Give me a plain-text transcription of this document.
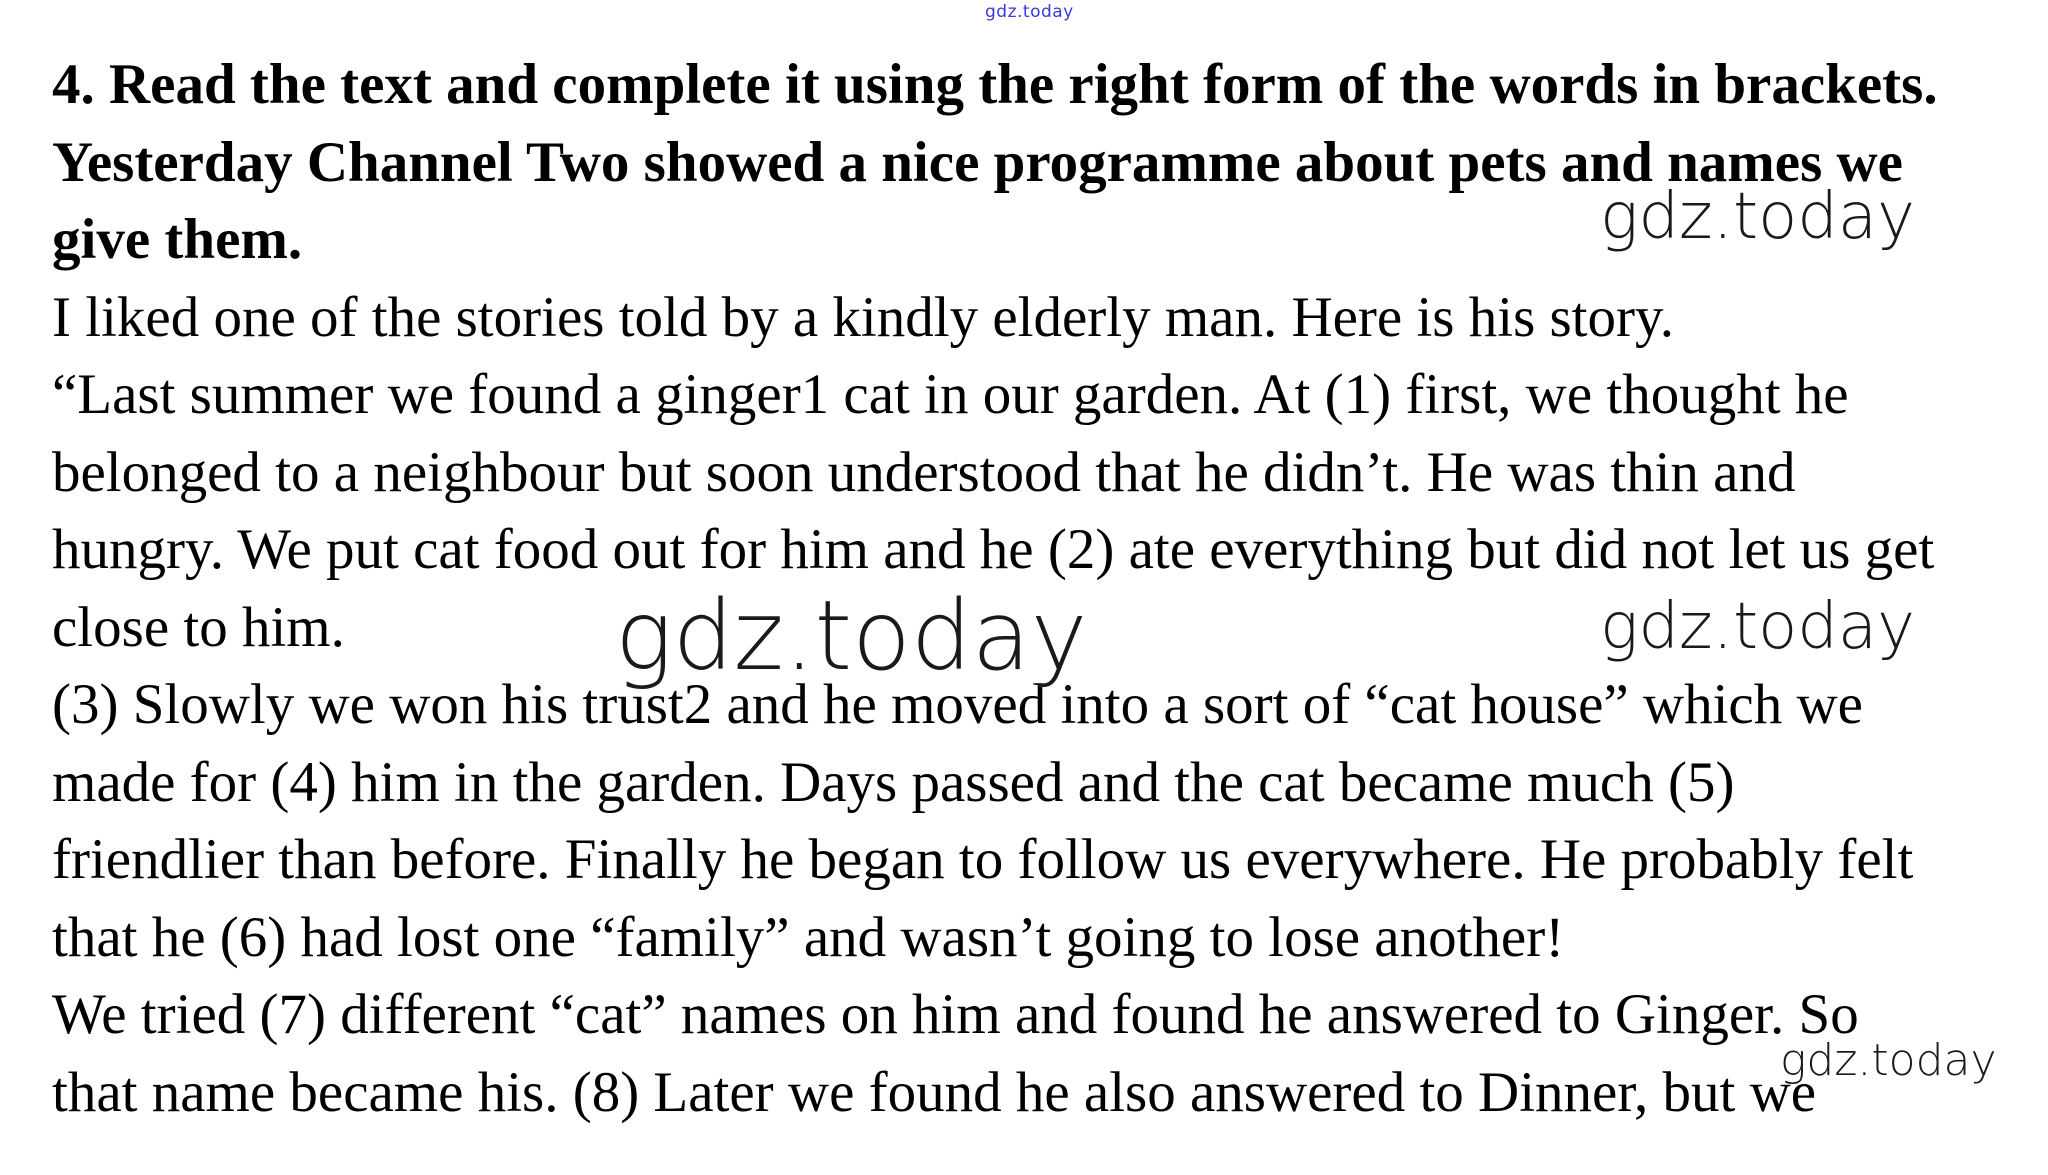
gdz.today
4. Read the text and complete it using the right form of the words in brackets.
Yesterday Channel Two showed a nice programme about pets and names we
give them.
I liked one of the stories told by a kindly elderly man. Here is his story.
“Last summer we found a ginger1 cat in our garden. At (1) first, we thought he
belonged to a neighbour but soon understood that he didn’t. He was thin and
hungry. We put cat food out for him and he (2) ate everything but did not let us get
close to him.
(3) Slowly we won his trust2 and he moved into a sort of “cat house” which we
made for (4) him in the garden. Days passed and the cat became much (5)
friendlier than before. Finally he began to follow us everywhere. He probably felt
that he (6) had lost one “family” and wasn’t going to lose another!
We tried (7) different “cat” names on him and found he answered to Ginger. So
that name became his. (8) Later we found he also answered to Dinner, but we
gdz.today
gdz.today	gdz.today
gdz.today
